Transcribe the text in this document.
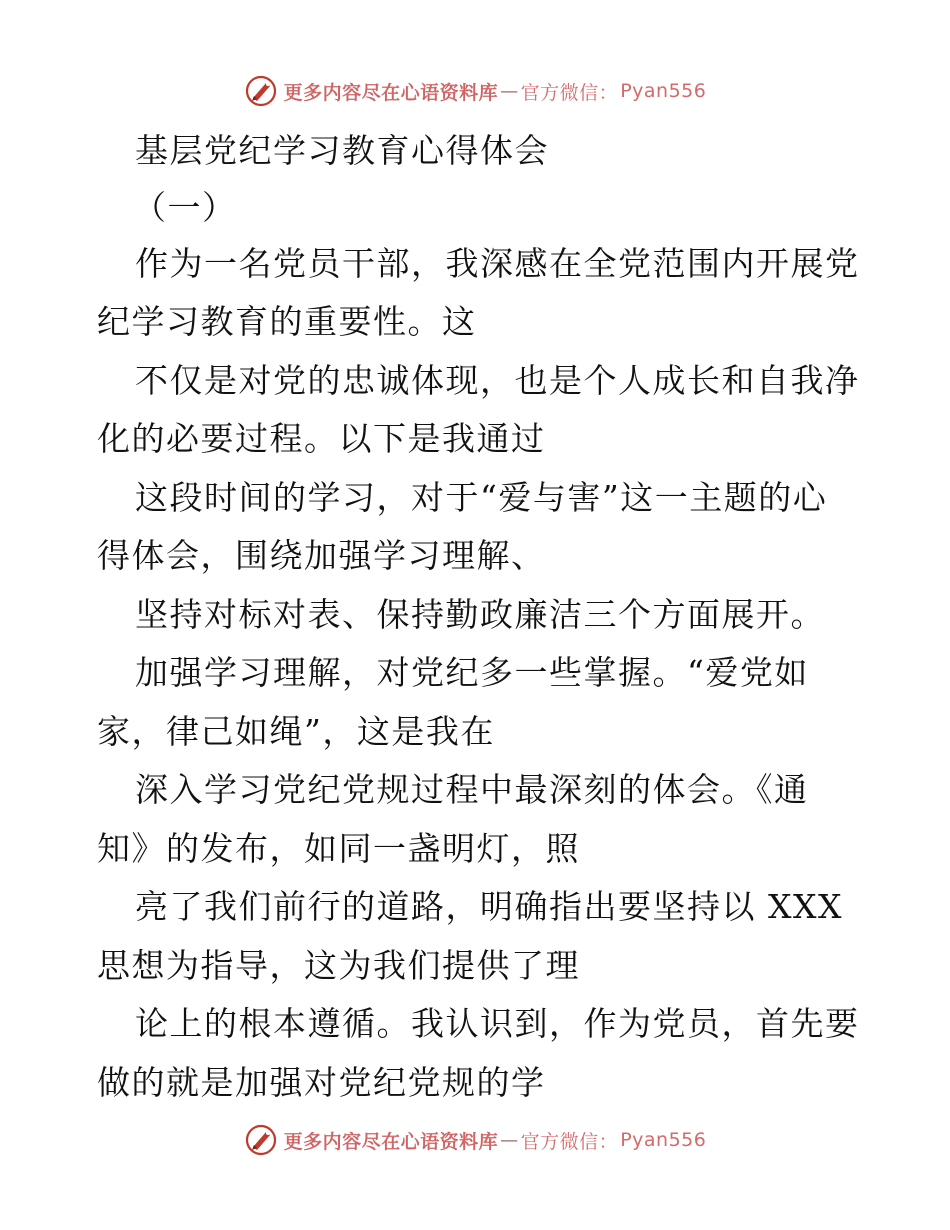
更多内容尽在心语资料库 — 官方微信： Pyan556
基层党纪学习教育心得体会
（一）
作为一名党员干部，我深感在全党范围内开展党
纪学习教育的重要性。这
不仅是对党的忠诚体现，也是个人成长和自我净
化的必要过程。以下是我通过
这段时间的学习，对于“爱与害”这一主题的心
得体会，围绕加强学习理解、
坚持对标对表、保持勤政廉洁三个方面展开。
加强学习理解，对党纪多一些掌握。“爱党如
家，律己如绳”，这是我在
深入学习党纪党规过程中最深刻的体会。《通
知》的发布，如同一盏明灯，照
亮了我们前行的道路，明确指出要坚持以 XXX
思想为指导，这为我们提供了理
论上的根本遵循。我认识到，作为党员，首先要
做的就是加强对党纪党规的学
更多内容尽在心语资料库 — 官方微信： Pyan556
